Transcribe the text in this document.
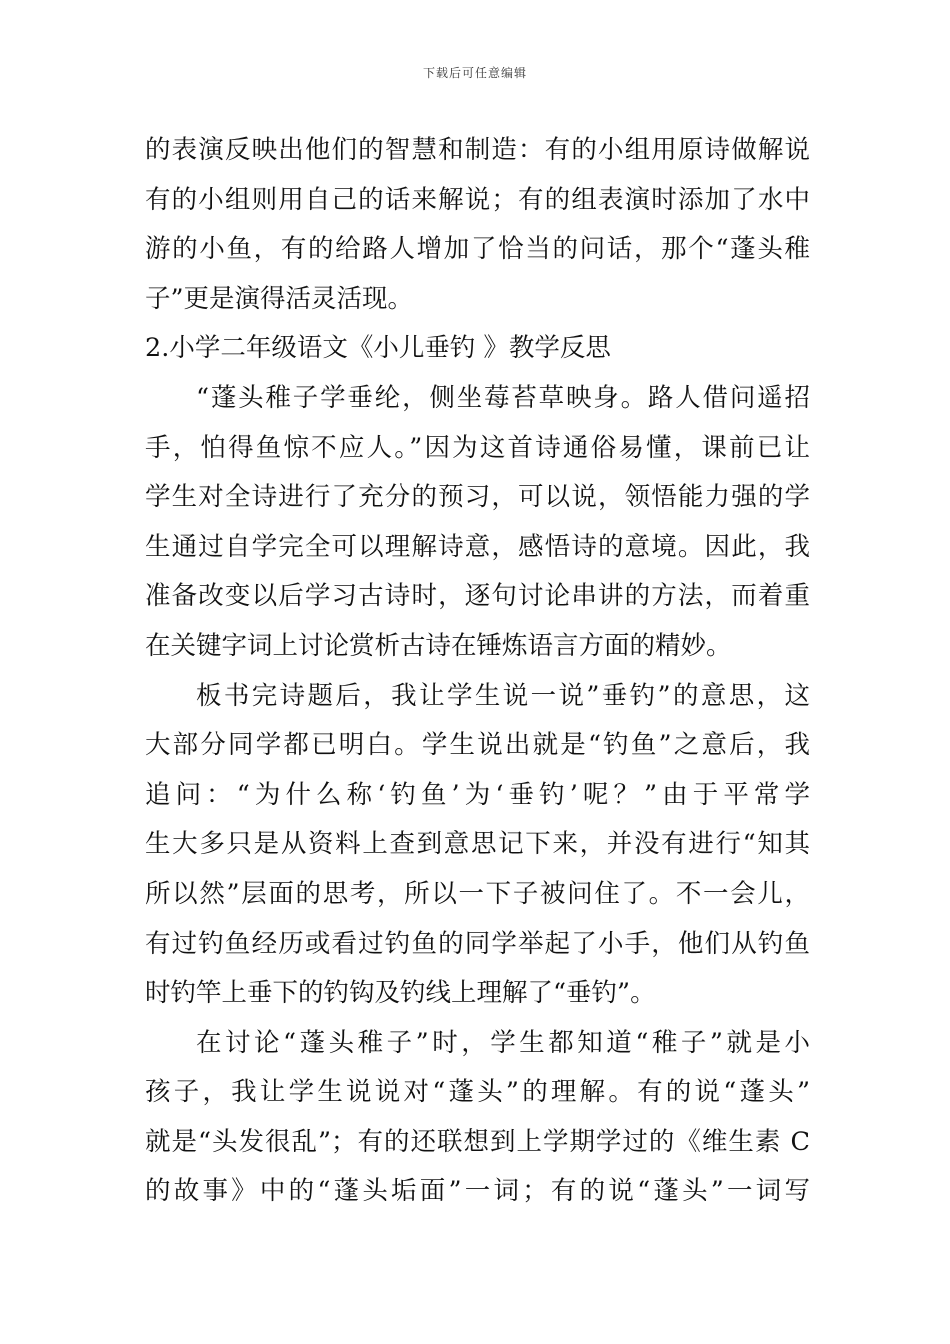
下载后可任意编辑
的表演反映出他们的智慧和制造：有的小组用原诗做解说
有的小组则用自己的话来解说；有的组表演时添加了水中
游的小鱼，有的给路人增加了恰当的问话，那个“蓬头稚
子”更是演得活灵活现。
2.小学二年级语文《小儿垂钓 》教学反思
“蓬头稚子学垂纶，侧坐莓苔草映身。路人借问遥招
手，怕得鱼惊不应人。”因为这首诗通俗易懂，课前已让
学生对全诗进行了充分的预习，可以说，领悟能力强的学
生通过自学完全可以理解诗意，感悟诗的意境。因此，我
准备改变以后学习古诗时，逐句讨论串讲的方法，而着重
在关键字词上讨论赏析古诗在锤炼语言方面的精妙。
板书完诗题后，我让学生说一说”垂钓”的意思，这
大部分同学都已明白。学生说出就是“钓鱼”之意后，我
追问：“为什么称‘钓鱼’为‘垂钓’呢？”由于平常学
生大多只是从资料上查到意思记下来，并没有进行“知其
所以然”层面的思考，所以一下子被问住了。不一会儿，
有过钓鱼经历或看过钓鱼的同学举起了小手，他们从钓鱼
时钓竿上垂下的钓钩及钓线上理解了“垂钓”。
在讨论“蓬头稚子”时，学生都知道“稚子”就是小
孩子，我让学生说说对“蓬头”的理解。有的说“蓬头”
就是“头发很乱”；有的还联想到上学期学过的《维生素 C
的故事》中的“蓬头垢面”一词；有的说“蓬头”一词写
